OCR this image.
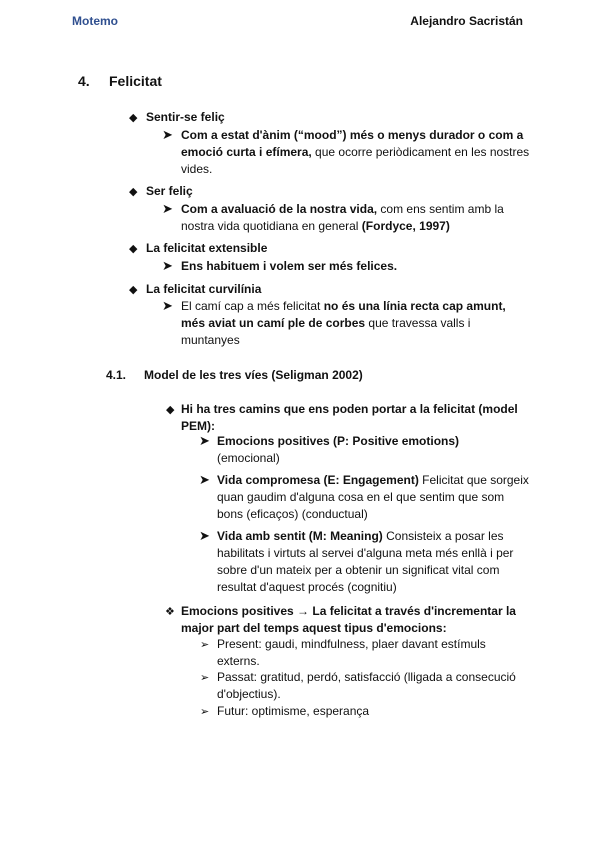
Motemo	Alejandro Sacristán
4. Felicitat
◆ Sentir-se feliç
➤ Com a estat d'ànim (“mood”) més o menys durador o com a emoció curta i efímera, que ocorre periòdicament en les nostres vides.
◆ Ser feliç
➤ Com a avaluació de la nostra vida, com ens sentim amb la nostra vida quotidiana en general (Fordyce, 1997)
◆ La felicitat extensible
➤ Ens habituem i volem ser més felices.
◆ La felicitat curvilínia
➤ El camí cap a més felicitat no és una línia recta cap amunt, més aviat un camí ple de corbes que travessa valls i muntanyes
4.1. Model de les tres víes (Seligman 2002)
◆ Hi ha tres camins que ens poden portar a la felicitat (model PEM):
➤ Emocions positives (P: Positive emotions) (emocional)
➤ Vida compromesa (E: Engagement) Felicitat que sorgeix quan gaudim d'alguna cosa en el que sentim que som bons (eficaços) (conductual)
➤ Vida amb sentit (M: Meaning) Consisteix a posar les habilitats i virtuts al servei d'alguna meta més enllà i per sobre d'un mateix per a obtenir un significat vital com resultat d'aquest procés (cognitiu)
❖ Emocions positives → La felicitat a través d'incrementar la major part del temps aquest tipus d'emocions:
➢ Present: gaudi, mindfulness, plaer davant estímuls externs.
➢ Passat: gratitud, perdó, satisfacció (lligada a consecució d'objectius).
➢ Futur: optimisme, esperança
